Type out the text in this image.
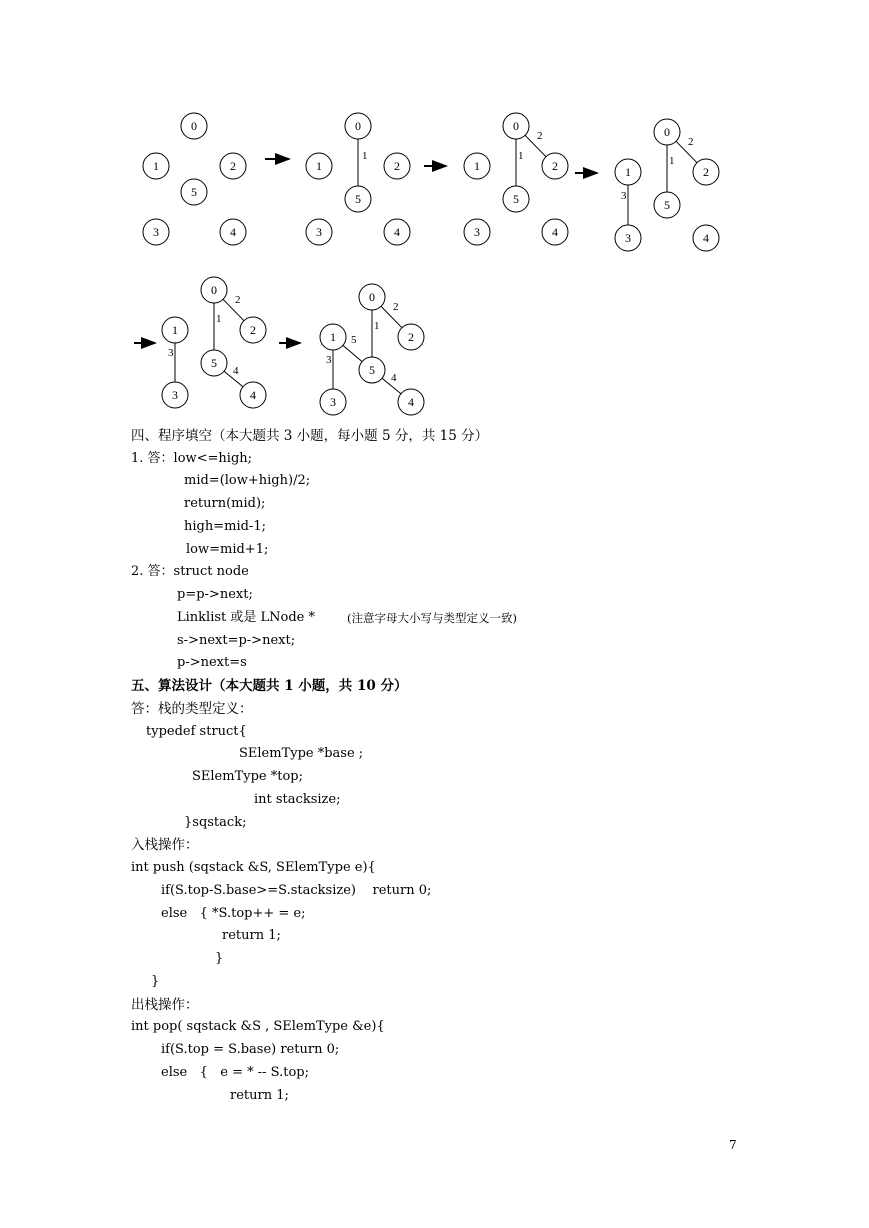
0
1	2
5
3	4
1
0
1	2
5
3	4
1
2
0
1	2
5
3	4
1
2
3
0
1	2
5
3	4
1
2
3
4
0
1	2
5
3	4
1
2
3
4
5
0
1	2
5
3	4
四、程序填空（本大题共 3 小题，每小题 5 分，共 15 分）
1. 答：low<=high;
mid=(low+high)/2;
return(mid);
high=mid-1;
low=mid+1;
2. 答：struct node
p=p->next;
Linklist 或是 LNode *	(注意字母大小写与类型定义一致)
s->next=p->next;
p->next=s
五、算法设计（本大题共 1 小题，共 10 分）
答：栈的类型定义：
typedef struct{
SElemType *base ;
SElemType *top;
int stacksize;
}sqstack;
入栈操作：
int push (sqstack &S, SElemType e){
if(S.top-S.base>=S.stacksize)    return 0;
else   { *S.top++ = e;
return 1;
}
}
出栈操作：
int pop( sqstack &S , SElemType &e){
if(S.top = S.base) return 0;
else   {   e = * -- S.top;
return 1;
7
